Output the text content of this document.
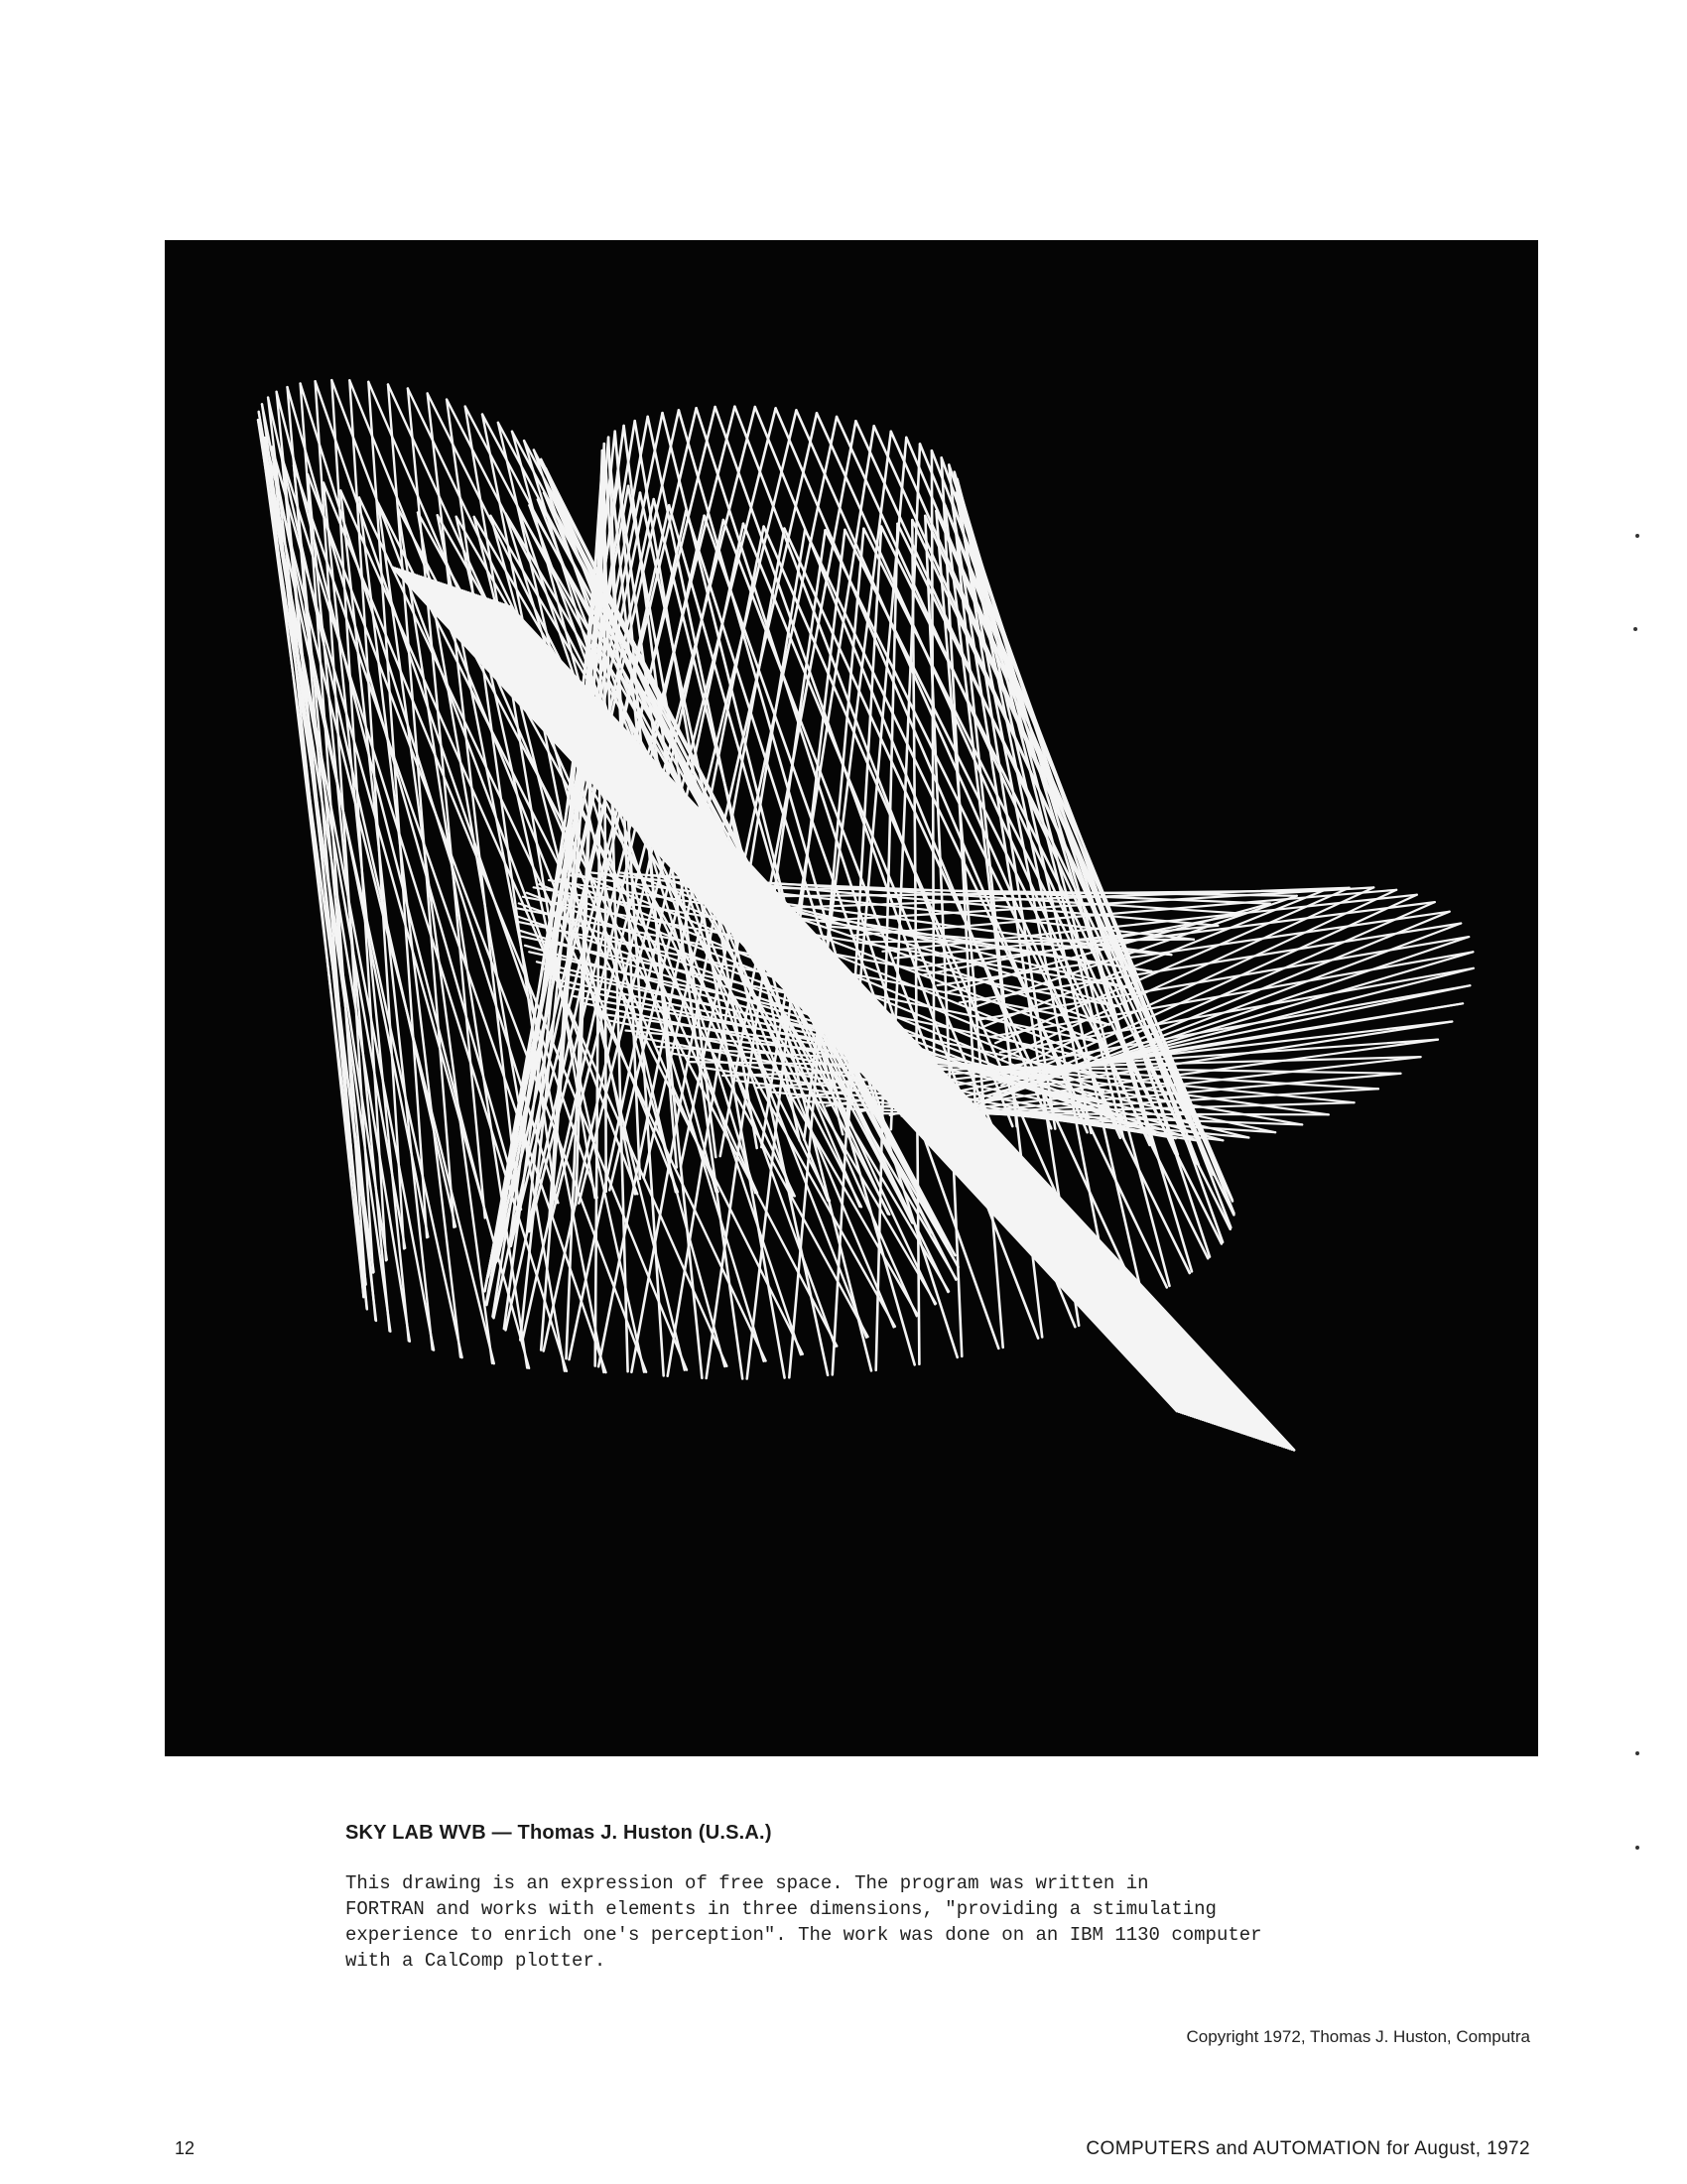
SKY LAB WVB — Thomas J. Huston (U.S.A.)
This drawing is an expression of free space. The program was written in
FORTRAN and works with elements in three dimensions, "providing a stimulating
experience to enrich one's perception". The work was done on an IBM 1130 computer
with a CalComp plotter.
Copyright 1972, Thomas J. Huston, Computra
12	COMPUTERS and AUTOMATION for August, 1972
